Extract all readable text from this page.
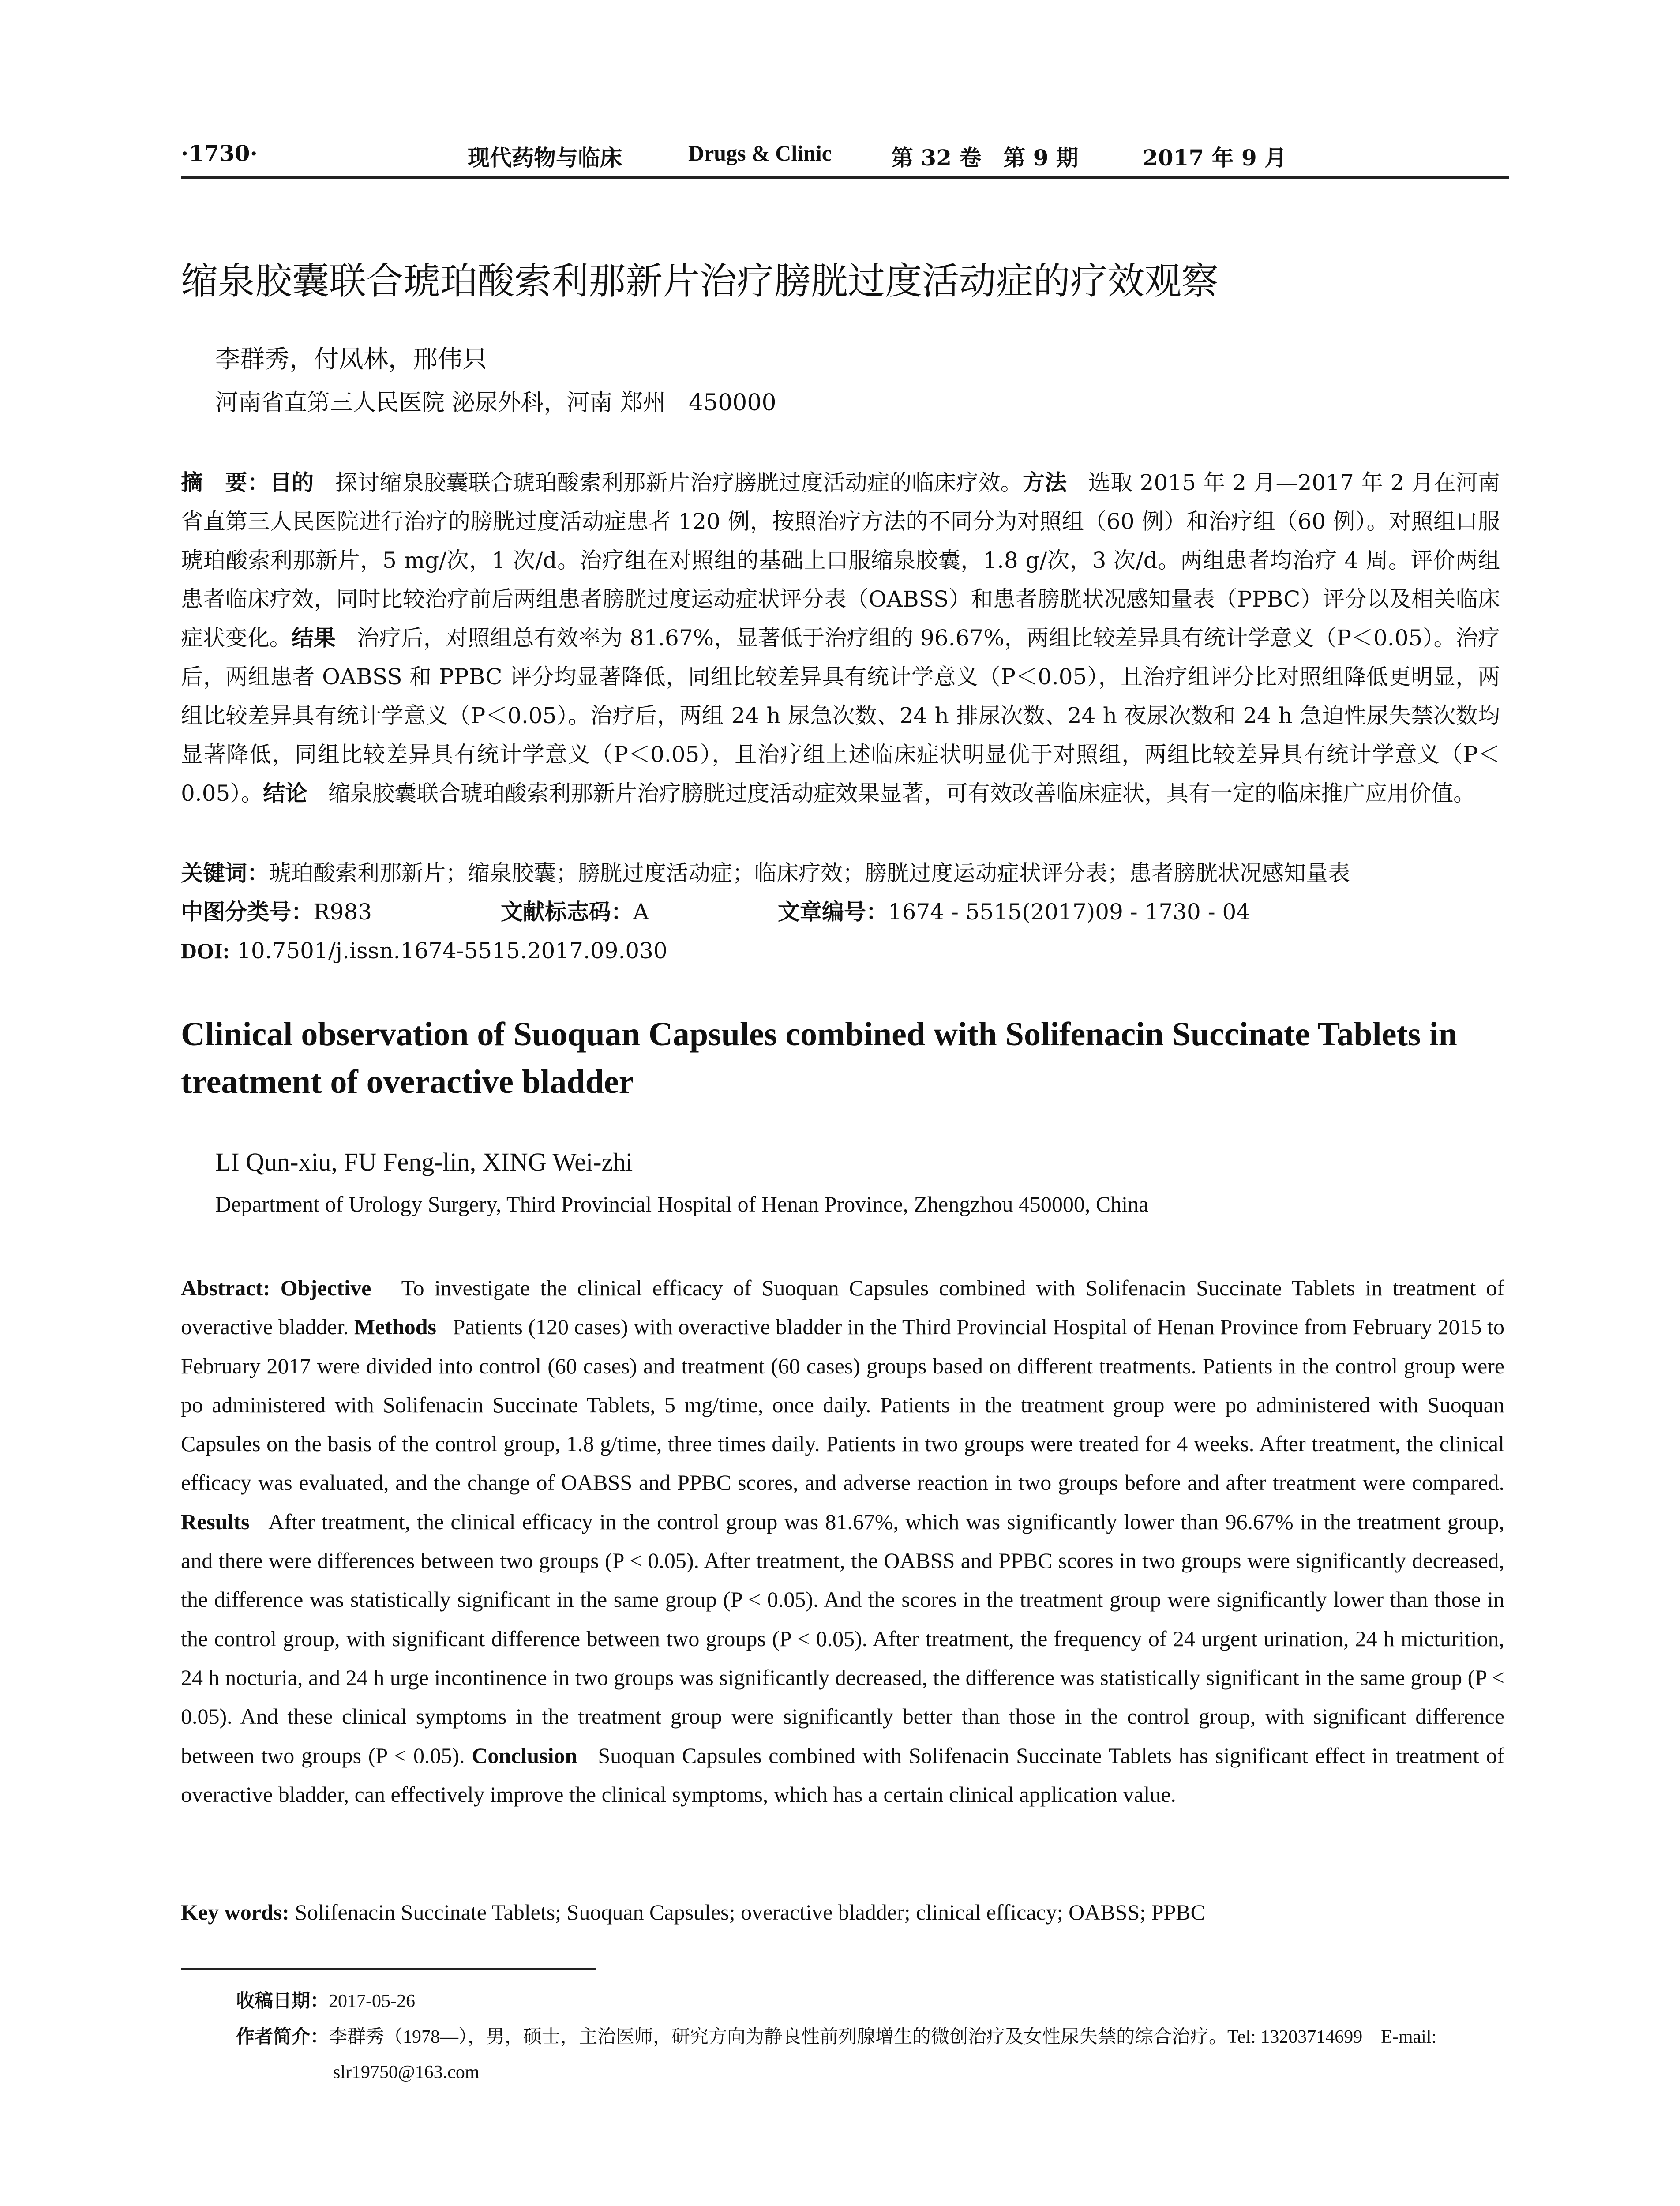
·1730·	现代药物与临床	Drugs & Clinic	第 32 卷　第 9 期	2017 年 9 月
缩泉胶囊联合琥珀酸索利那新片治疗膀胱过度活动症的疗效观察
李群秀，付凤林，邢伟只
河南省直第三人民医院 泌尿外科，河南 郑州　450000
摘　要：目的 探讨缩泉胶囊联合琥珀酸索利那新片治疗膀胱过度活动症的临床疗效。方法 选取 2015 年 2 月—2017 年 2 月在河南省直第三人民医院进行治疗的膀胱过度活动症患者 120 例，按照治疗方法的不同分为对照组（60 例）和治疗组（60 例）。对照组口服琥珀酸索利那新片，5 mg/次，1 次/d。治疗组在对照组的基础上口服缩泉胶囊，1.8 g/次，3 次/d。两组患者均治疗 4 周。评价两组患者临床疗效，同时比较治疗前后两组患者膀胱过度运动症状评分表（OABSS）和患者膀胱状况感知量表（PPBC）评分以及相关临床症状变化。结果 治疗后，对照组总有效率为 81.67%，显著低于治疗组的 96.67%，两组比较差异具有统计学意义（P＜0.05）。治疗后，两组患者 OABSS 和 PPBC 评分均显著降低，同组比较差异具有统计学意义（P＜0.05），且治疗组评分比对照组降低更明显，两组比较差异具有统计学意义（P＜0.05）。治疗后，两组 24 h 尿急次数、24 h 排尿次数、24 h 夜尿次数和 24 h 急迫性尿失禁次数均显著降低，同组比较差异具有统计学意义（P＜0.05），且治疗组上述临床症状明显优于对照组，两组比较差异具有统计学意义（P＜0.05）。结论 缩泉胶囊联合琥珀酸索利那新片治疗膀胱过度活动症效果显著，可有效改善临床症状，具有一定的临床推广应用价值。
关键词：琥珀酸索利那新片；缩泉胶囊；膀胱过度活动症；临床疗效；膀胱过度运动症状评分表；患者膀胱状况感知量表
中图分类号：R983	文献标志码：A	文章编号：1674 - 5515(2017)09 - 1730 - 04
DOI: 10.7501/j.issn.1674-5515.2017.09.030
Clinical observation of Suoquan Capsules combined with Solifenacin Succinate Tablets in treatment of overactive bladder
LI Qun-xiu, FU Feng-lin, XING Wei-zhi
Department of Urology Surgery, Third Provincial Hospital of Henan Province, Zhengzhou 450000, China
Abstract: Objective To investigate the clinical efficacy of Suoquan Capsules combined with Solifenacin Succinate Tablets in treatment of overactive bladder. Methods Patients (120 cases) with overactive bladder in the Third Provincial Hospital of Henan Province from February 2015 to February 2017 were divided into control (60 cases) and treatment (60 cases) groups based on different treatments. Patients in the control group were po administered with Solifenacin Succinate Tablets, 5 mg/time, once daily. Patients in the treatment group were po administered with Suoquan Capsules on the basis of the control group, 1.8 g/time, three times daily. Patients in two groups were treated for 4 weeks. After treatment, the clinical efficacy was evaluated, and the change of OABSS and PPBC scores, and adverse reaction in two groups before and after treatment were compared. Results After treatment, the clinical efficacy in the control group was 81.67%, which was significantly lower than 96.67% in the treatment group, and there were differences between two groups (P < 0.05). After treatment, the OABSS and PPBC scores in two groups were significantly decreased, the difference was statistically significant in the same group (P < 0.05). And the scores in the treatment group were significantly lower than those in the control group, with significant difference between two groups (P < 0.05). After treatment, the frequency of 24 urgent urination, 24 h micturition, 24 h nocturia, and 24 h urge incontinence in two groups was significantly decreased, the difference was statistically significant in the same group (P < 0.05). And these clinical symptoms in the treatment group were significantly better than those in the control group, with significant difference between two groups (P < 0.05). Conclusion Suoquan Capsules combined with Solifenacin Succinate Tablets has significant effect in treatment of overactive bladder, can effectively improve the clinical symptoms, which has a certain clinical application value.
Key words: Solifenacin Succinate Tablets; Suoquan Capsules; overactive bladder; clinical efficacy; OABSS; PPBC
收稿日期：2017-05-26
作者简介：李群秀（1978—），男，硕士，主治医师，研究方向为静良性前列腺增生的微创治疗及女性尿失禁的综合治疗。Tel: 13203714699　E-mail:
slr19750@163.com
